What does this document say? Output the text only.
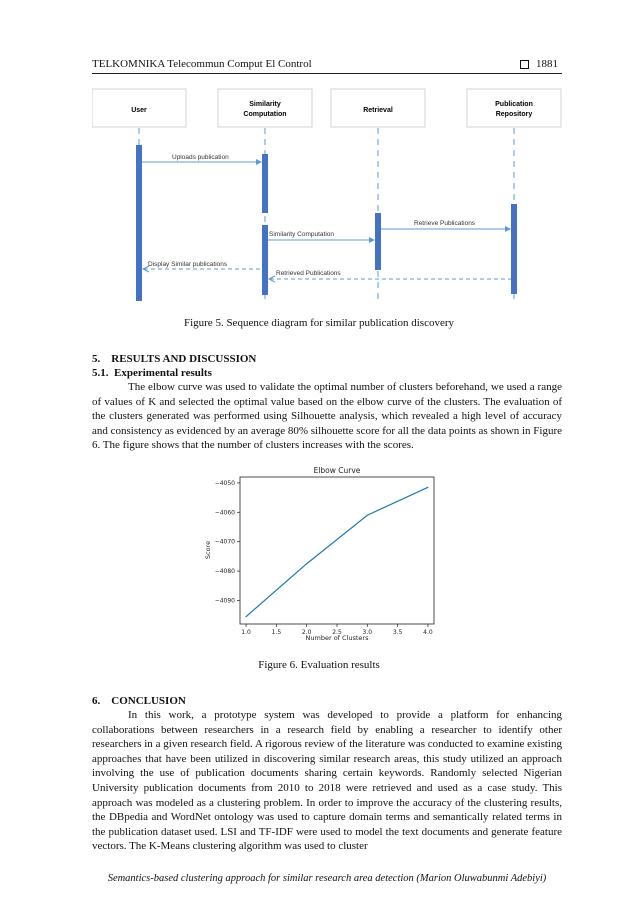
TELKOMNIKA Telecommun Comput El Control	1881
User
Similarity
Computation
Retrieval
Publication
Repository
Uploads publication
Retrieve Publications
Similarity Computation
Display Similar publications
Retrieved Publications
Figure 5. Sequence diagram for similar publication discovery
5.    RESULTS AND DISCUSSION
5.1.  Experimental results

The elbow curve was used to validate the optimal number of clusters beforehand, we used a range of values of K and selected the optimal value based on the elbow curve of the clusters. The evaluation of the clusters generated was performed using Silhouette analysis, which revealed a high level of accuracy and consistency as evidenced by an average 80% silhouette score for all the data points as shown in Figure 6. The figure shows that the number of clusters increases with the scores.

Elbow Curve
1.0	1.5	2.0	2.5	3.0	3.5	4.0
−4050
−4060
−4070
−4080
−4090
Number of Clusters
Score
Figure 6. Evaluation results
6.    CONCLUSION

In this work, a prototype system was developed to provide a platform for enhancing collaborations between researchers in a research field by enabling a researcher to identify other researchers in a given research field. A rigorous review of the literature was conducted to examine existing approaches that have been utilized in discovering similar research areas, this study utilized an approach involving the use of publication documents sharing certain keywords. Randomly selected Nigerian University publication documents from 2010 to 2018 were retrieved and used as a case study. This approach was modeled as a clustering problem. In order to improve the accuracy of the clustering results, the DBpedia and WordNet ontology was used to capture domain terms and semantically related terms in the publication dataset used. LSI and TF-IDF were used to model the text documents and generate feature vectors. The K-Means clustering algorithm was used to cluster

Semantics-based clustering approach for similar research area detection (Marion Oluwabunmi Adebiyi)
